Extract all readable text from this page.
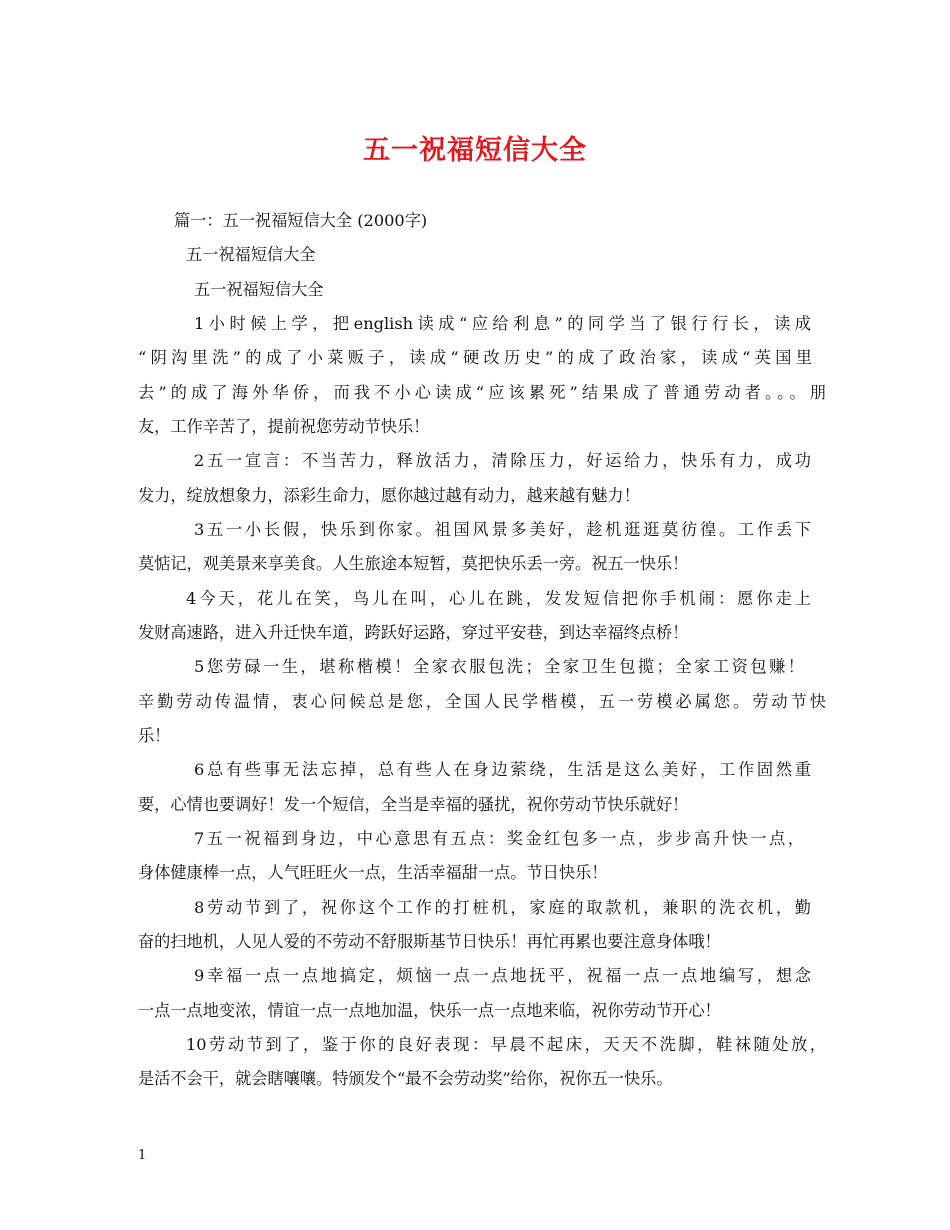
五一祝福短信大全
篇一：五一祝福短信大全 (2000字)
五一祝福短信大全
五一祝福短信大全
1小时候上学，把english读成“应给利息”的同学当了银行行长，读成
“阴沟里洗”的成了小菜贩子，读成“硬改历史”的成了政治家，读成“英国里
去”的成了海外华侨，而我不小心读成“应该累死”结果成了普通劳动者。。。朋
友，工作辛苦了，提前祝您劳动节快乐！
2五一宣言：不当苦力，释放活力，清除压力，好运给力，快乐有力，成功
发力，绽放想象力，添彩生命力，愿你越过越有动力，越来越有魅力！
3五一小长假，快乐到你家。祖国风景多美好，趁机逛逛莫彷徨。工作丢下
莫惦记，观美景来享美食。人生旅途本短暂，莫把快乐丢一旁。祝五一快乐！
4今天，花儿在笑，鸟儿在叫，心儿在跳，发发短信把你手机闹：愿你走上
发财高速路，进入升迁快车道，跨跃好运路，穿过平安巷，到达幸福终点桥！
5您劳碌一生，堪称楷模！全家衣服包洗；全家卫生包揽；全家工资包赚！
辛勤劳动传温情，衷心问候总是您，全国人民学楷模，五一劳模必属您。劳动节快
乐！
6总有些事无法忘掉，总有些人在身边萦绕，生活是这么美好，工作固然重
要，心情也要调好！发一个短信，全当是幸福的骚扰，祝你劳动节快乐就好！
7五一祝福到身边，中心意思有五点：奖金红包多一点，步步高升快一点，
身体健康棒一点，人气旺旺火一点，生活幸福甜一点。节日快乐！
8劳动节到了，祝你这个工作的打桩机，家庭的取款机，兼职的洗衣机，勤
奋的扫地机，人见人爱的不劳动不舒服斯基节日快乐！再忙再累也要注意身体哦！
9幸福一点一点地搞定，烦恼一点一点地抚平，祝福一点一点地编写，想念
一点一点地变浓，情谊一点一点地加温，快乐一点一点地来临，祝你劳动节开心！
10劳动节到了，鉴于你的良好表现：早晨不起床，天天不洗脚，鞋袜随处放，
是活不会干，就会瞎嚷嚷。特颁发个“最不会劳动奖”给你，祝你五一快乐。
1
